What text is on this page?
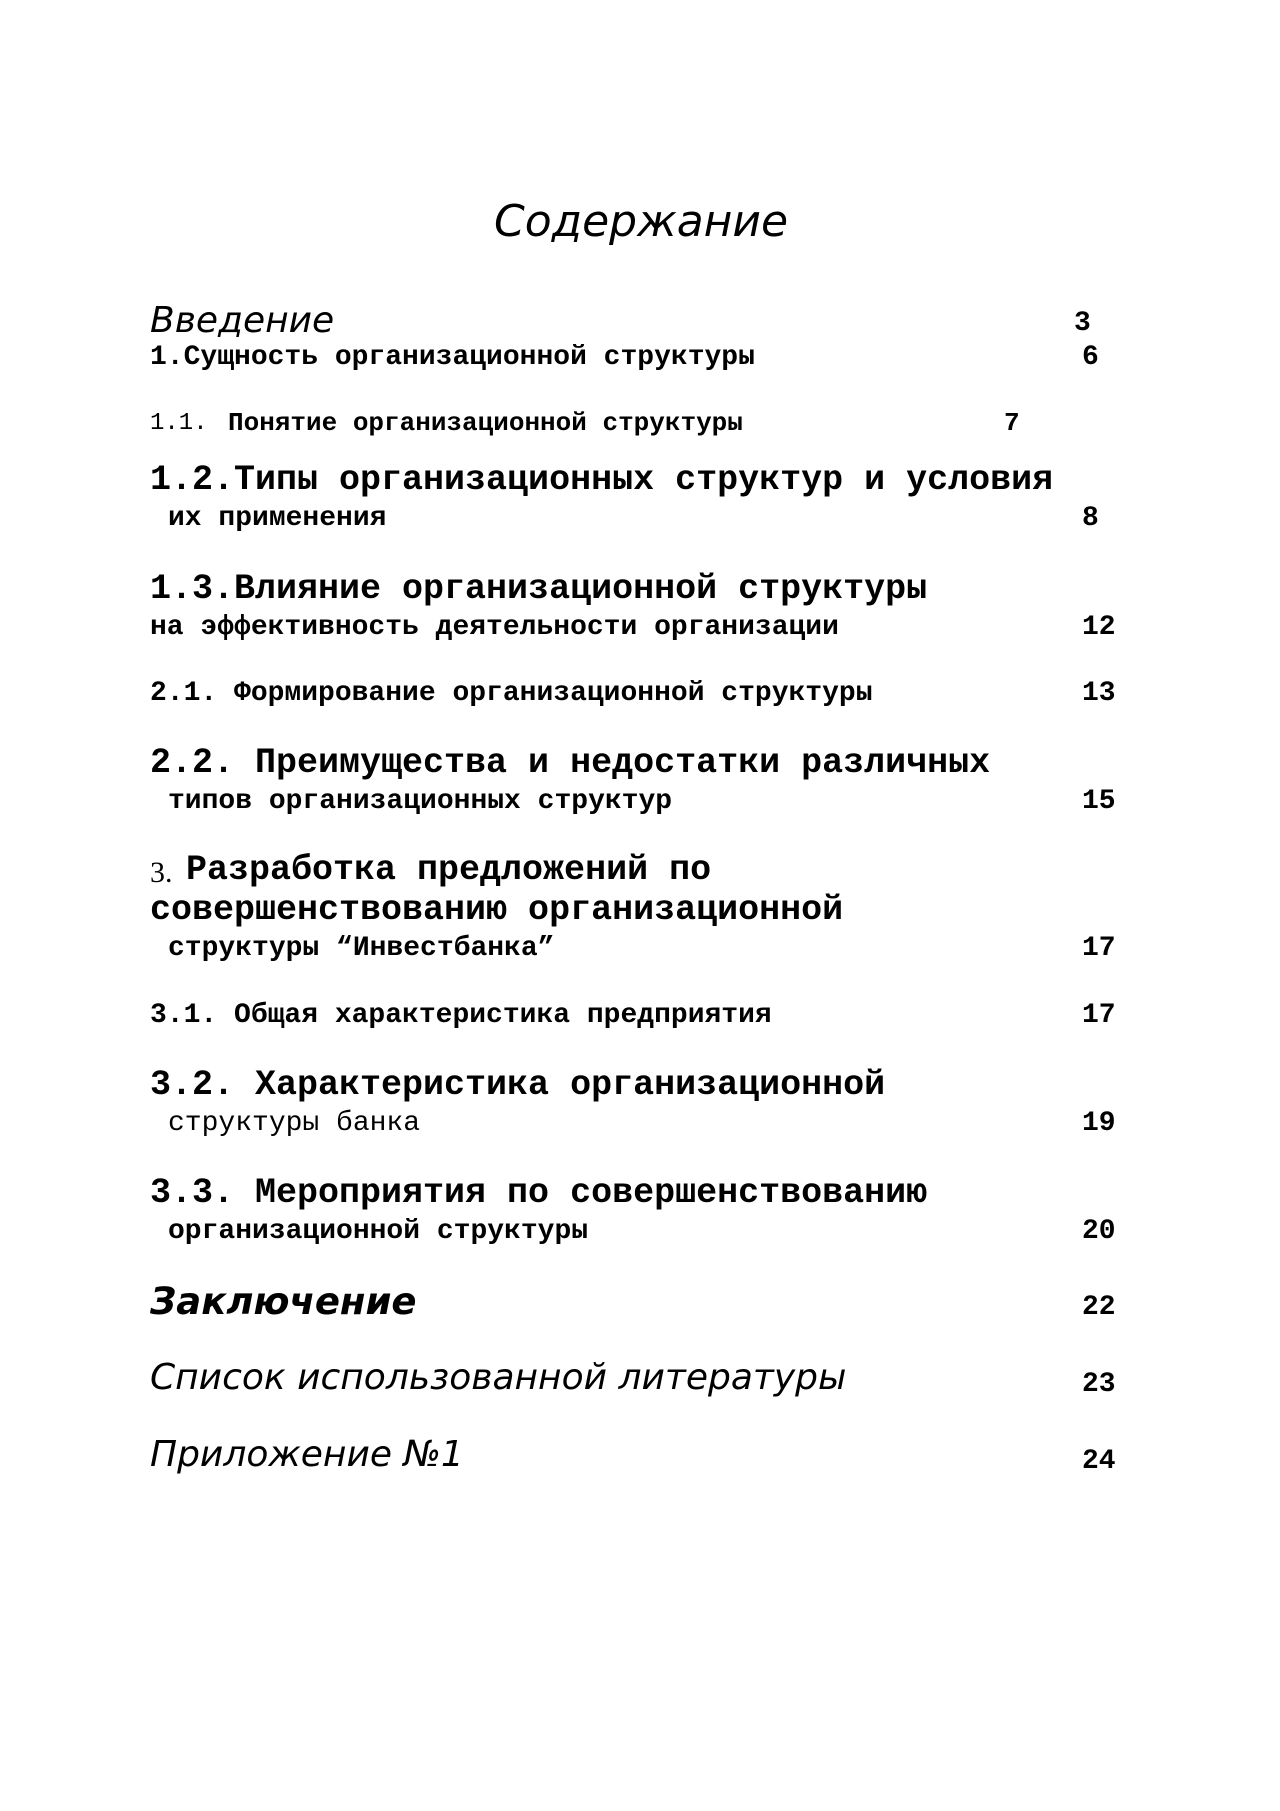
Содержание
Введение	3
1.Сущность организационной структуры	6
1.1. Понятие организационной структуры	7
1.2.Типы организационных структур и условия
их применения	8
1.3.Влияние организационной структуры
на эффективность деятельности организации	12
2.1. Формирование организационной структуры	13
2.2. Преимущества и недостатки различных
типов организационных структур	15
3. Разработка предложений по
совершенствованию организационной
структуры “Инвестбанка”	17
3.1. Общая характеристика предприятия	17
3.2. Характеристика организационной
структуры банка	19
3.3. Мероприятия по совершенствованию
организационной структуры	20
Заключение	22
Список использованной литературы	23
Приложение №1	24
